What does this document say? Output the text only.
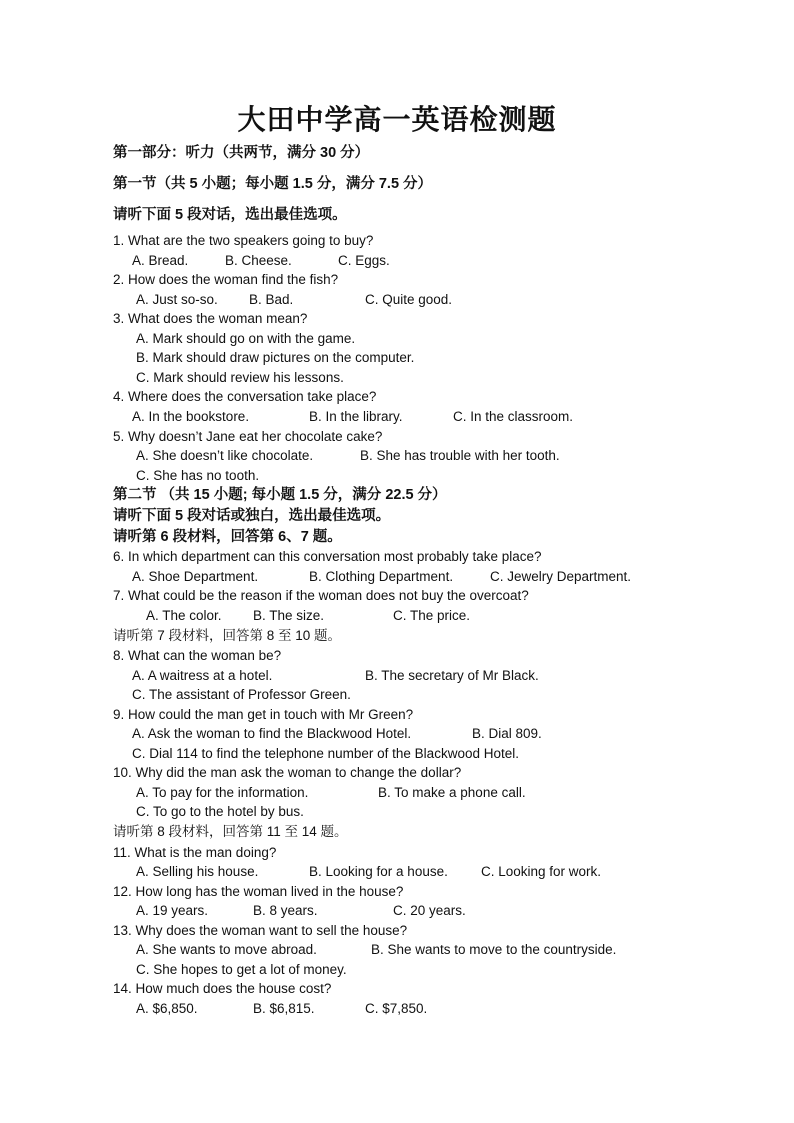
大田中学高一英语检测题
第一部分：听力（共两节，满分 30 分）
第一节（共 5 小题；每小题 1.5 分，满分 7.5 分）
请听下面 5 段对话，选出最佳选项。
1. What are the two speakers going to buy?
A. Bread.	B. Cheese.	C. Eggs.
2. How does the woman find the fish?
A. Just so-so. B. Bad.	C. Quite good.
3. What does the woman mean?
A. Mark should go on with the game.
B. Mark should draw pictures on the computer.
C. Mark should review his lessons.
4. Where does the conversation take place?
A. In the bookstore.	B. In the library.	C. In the classroom.
5. Why doesn’t Jane eat her chocolate cake?
A. She doesn’t like chocolate.	B. She has trouble with her tooth.
C. She has no tooth.
第二节 （共 15 小题; 每小题 1.5 分，满分 22.5 分）
请听下面 5 段对话或独白，选出最佳选项。
请听第 6 段材料，回答第 6、7 题。
6. In which department can this conversation most probably take place?
A. Shoe Department.	B. Clothing Department.	C. Jewelry Department.
7. What could be the reason if the woman does not buy the overcoat?
A. The color. B. The size.	C. The price.
请听第 7 段材料，回答第 8 至 10 题。
8. What can the woman be?
A. A waitress at a hotel.	B. The secretary of Mr Black.
C. The assistant of Professor Green.
9. How could the man get in touch with Mr Green?
A. Ask the woman to find the Blackwood Hotel.	B. Dial 809.
C. Dial 114 to find the telephone number of the Blackwood Hotel.
10. Why did the man ask the woman to change the dollar?
A. To pay for the information.	B. To make a phone call.
C. To go to the hotel by bus.
请听第 8 段材料，回答第 11 至 14 题。
11. What is the man doing?
A. Selling his house.	B. Looking for a house. C. Looking for work.
12. How long has the woman lived in the house?
A. 19 years.	B. 8 years.	C. 20 years.
13. Why does the woman want to sell the house?
A. She wants to move abroad.	B. She wants to move to the countryside.
C. She hopes to get a lot of money.
14. How much does the house cost?
A. $6,850.	B. $6,815.	C. $7,850.
